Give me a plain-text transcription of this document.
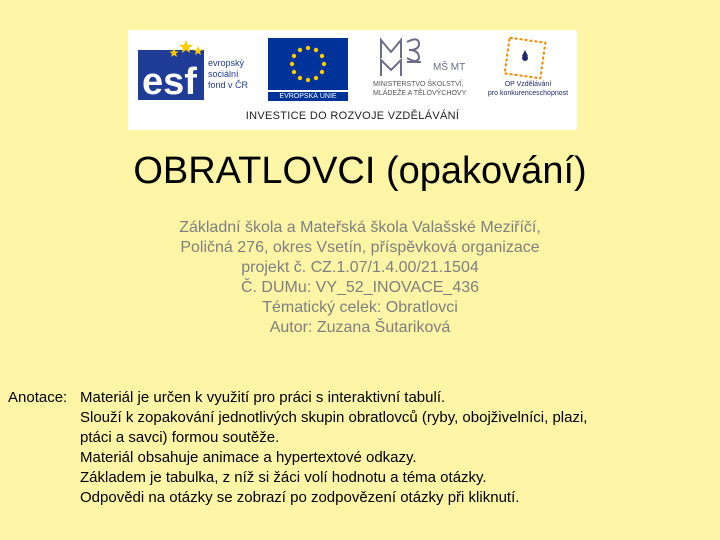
esf evropský
sociální
fond v ČR
EVROPSKÁ UNIE
MŠ MT
MINISTERSTVO ŠKOLSTVÍ,
MLÁDEŽE A TĚLOVÝCHOVY
OP Vzdělávání
pro konkurenceschopnost
INVESTICE DO ROZVOJE VZDĚLÁVÁNÍ
OBRATLOVCI (opakování)
Základní škola a Mateřská škola Valašské Meziříčí,
Poličná 276, okres Vsetín, příspěvková organizace
projekt č. CZ.1.07/1.4.00/21.1504
Č. DUMu: VY_52_INOVACE_436
Tématický celek: Obratlovci
Autor: Zuzana Šutariková
Anotace: Materiál je určen k využití pro práci s interaktivní tabulí.
Slouží k zopakování jednotlivých skupin obratlovců (ryby, obojživelníci, plazi,
ptáci a savci) formou soutěže.
Materiál obsahuje animace a hypertextové odkazy.
Základem je tabulka, z níž si žáci volí hodnotu a téma otázky.
Odpovědi na otázky se zobrazí po zodpovězení otázky při kliknutí.
